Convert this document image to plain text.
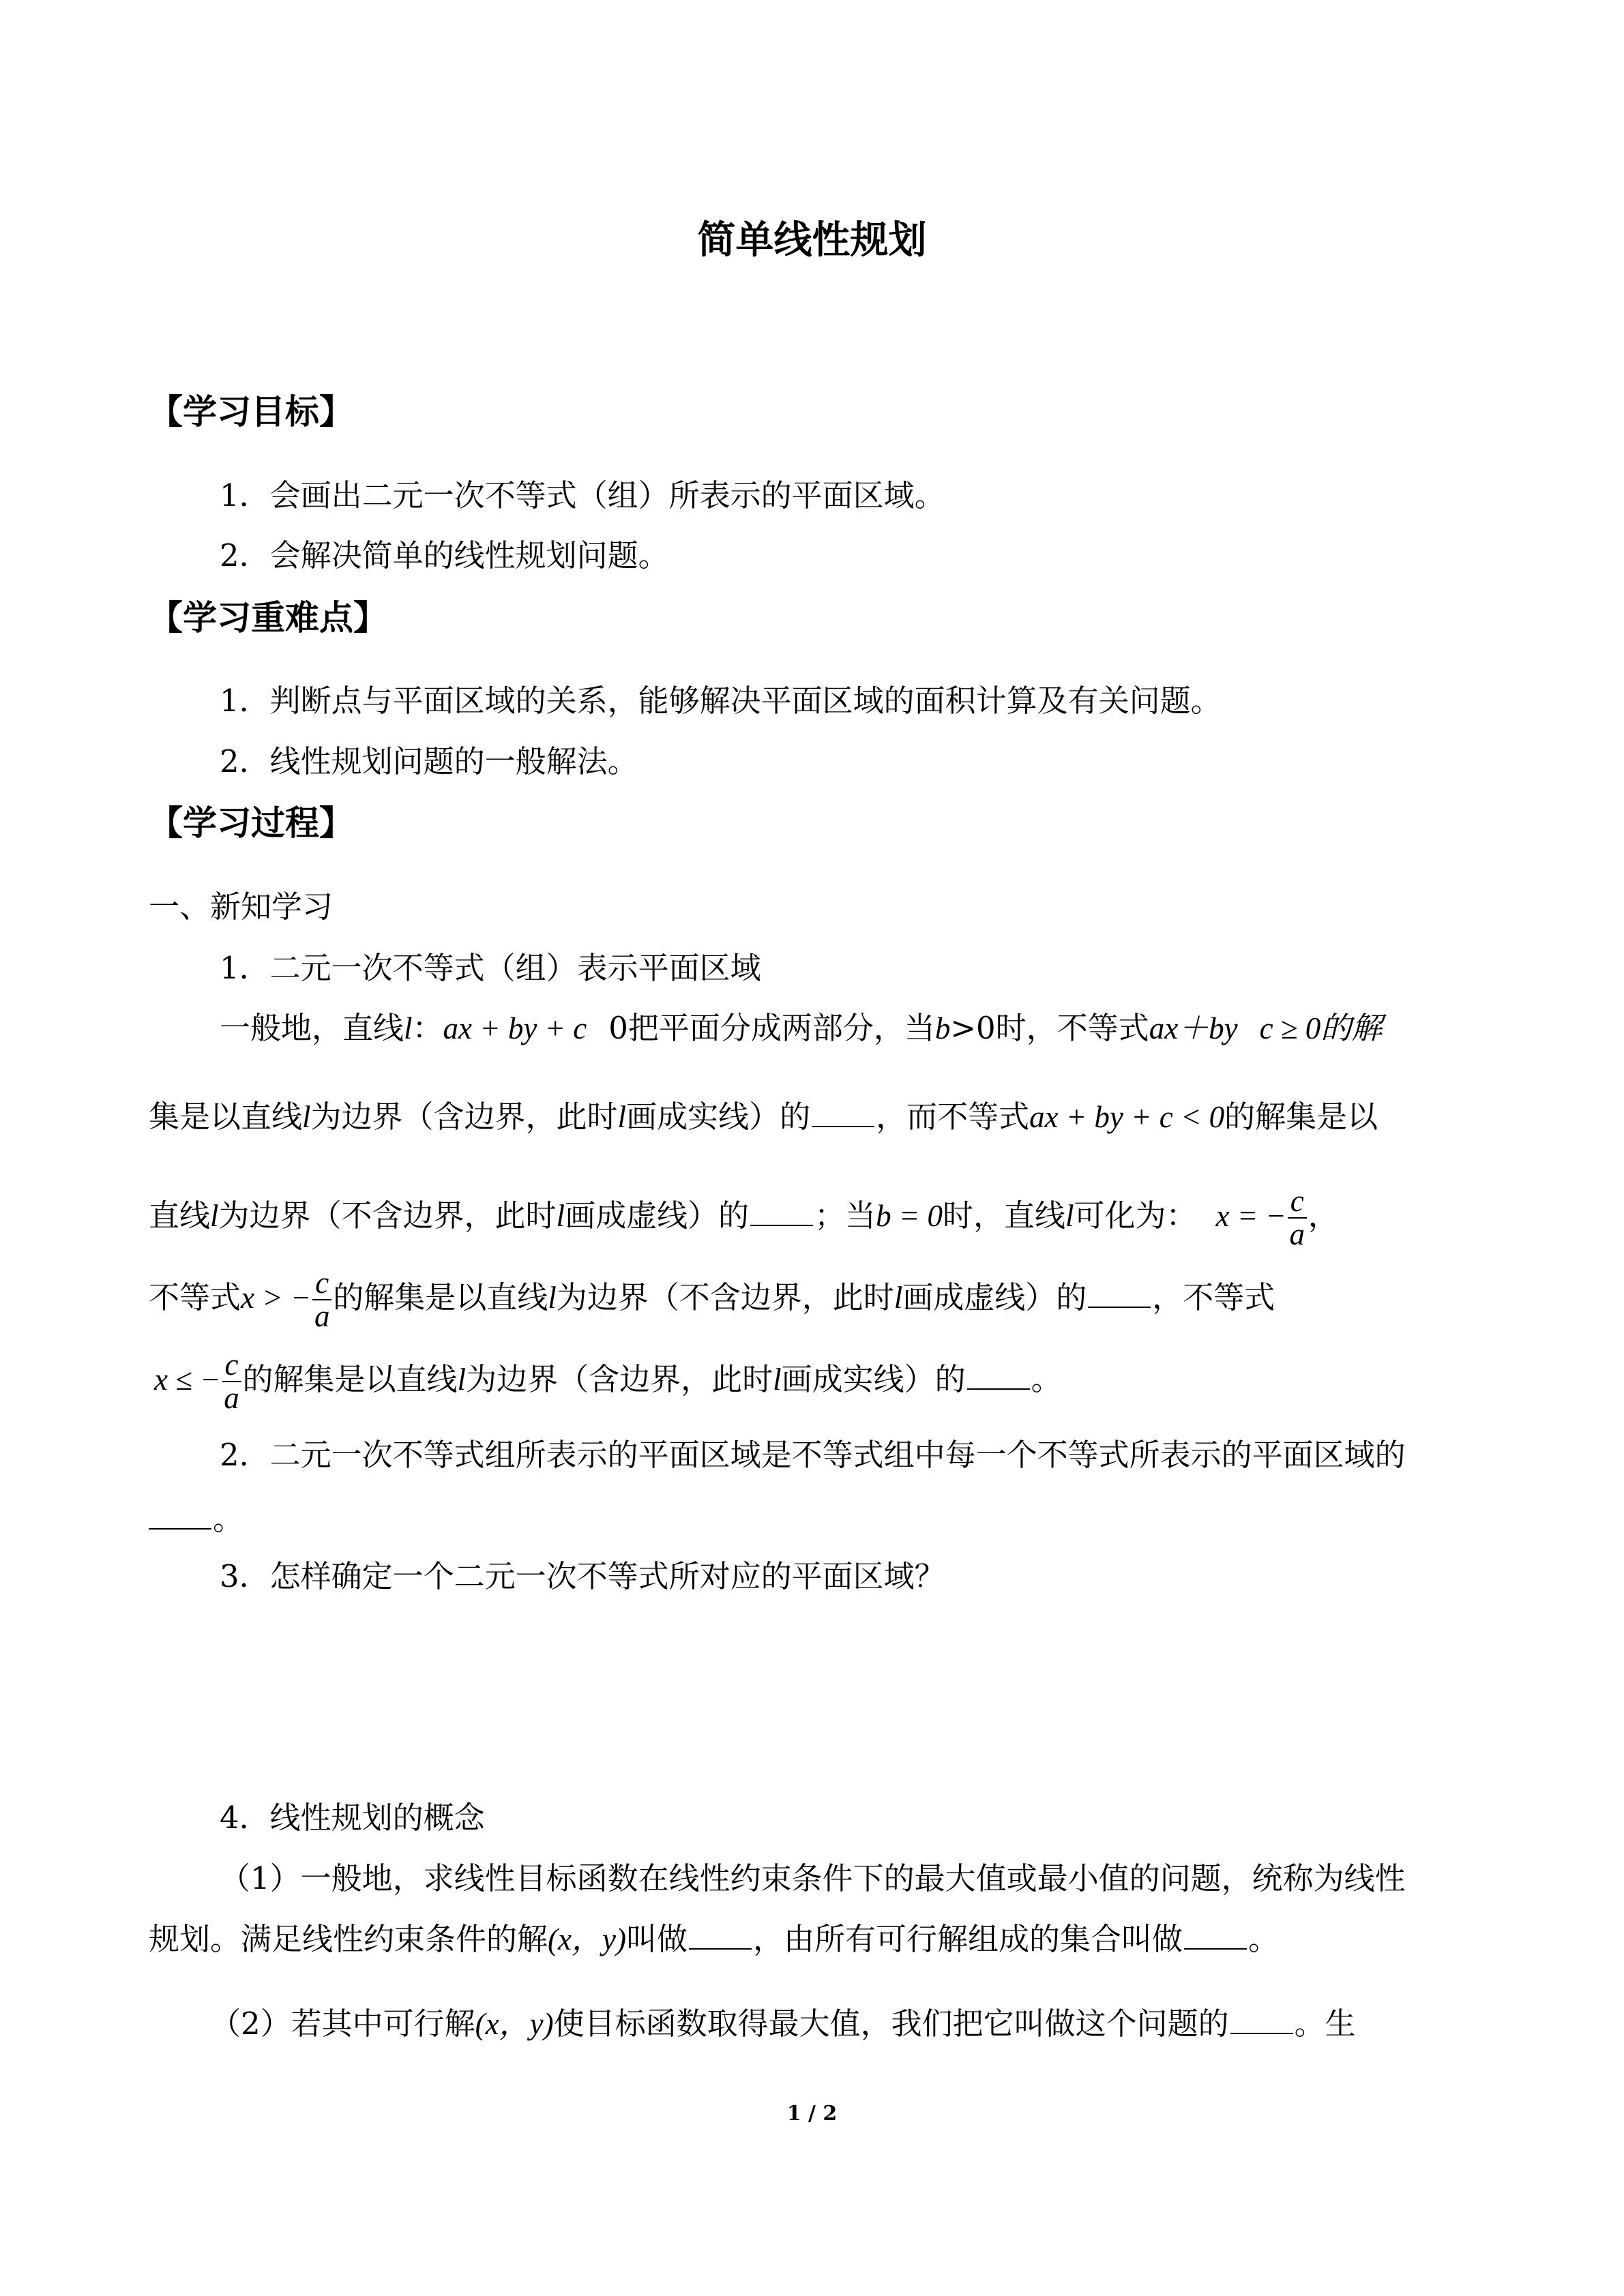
简单线性规划
【学习目标】
1．会画出二元一次不等式（组）所表示的平面区域。
2．会解决简单的线性规划问题。
【学习重难点】
1．判断点与平面区域的关系，能够解决平面区域的面积计算及有关问题。
2．线性规划问题的一般解法。
【学习过程】
一、新知学习
1．二元一次不等式（组）表示平面区域
一般地，直线l：ax + by + c 0把平面分成两部分，当b>0时，不等式ax＋by c ≥ 0的解
集是以直线l为边界（含边界，此时l画成实线）的 ，而不等式ax + by + c < 0的解集是以
直线l为边界（不含边界，此时l画成虚线）的 ；当b = 0时，直线l可化为： x = − $\frac{c}{a}$ ，
不等式x > − $\frac{c}{a}$ 的解集是以直线l为边界（不含边界，此时l画成虚线）的 ，不等式
x ≤ − $\frac{c}{a}$ 的解集是以直线l为边界（含边界，此时l画成实线）的 。
2．二元一次不等式组所表示的平面区域是不等式组中每一个不等式所表示的平面区域的
。
3．怎样确定一个二元一次不等式所对应的平面区域？
4．线性规划的概念
（1）一般地，求线性目标函数在线性约束条件下的最大值或最小值的问题，统称为线性
规划。满足线性约束条件的解(x，y)叫做 ，由所有可行解组成的集合叫做 。
（2）若其中可行解(x，y)使目标函数取得最大值，我们把它叫做这个问题的 。生
1 / 2
